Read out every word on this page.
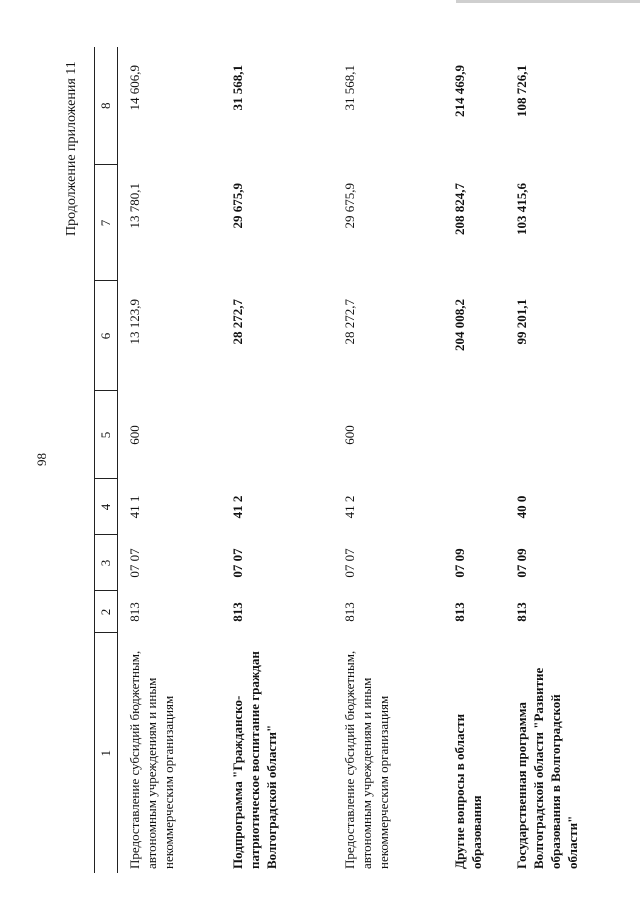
98
Продолжение приложения 11
1	2	3	4	5	6	7	8
Предоставление субсидий бюджетным, автономным учреждениям и иным некоммерческим организациям	813	07 07	41 1	600	13 123,9	13 780,1	14 606,9
Подпрограмма "Гражданско-патриотическое воспитание граждан Волгоградской области"	813	07 07	41 2		28 272,7	29 675,9	31 568,1
Предоставление субсидий бюджетным, автономным учреждениям и иным некоммерческим организациям	813	07 07	41 2	600	28 272,7	29 675,9	31 568,1
Другие вопросы в области образования	813	07 09			204 008,2	208 824,7	214 469,9
Государственная программа Волгоградской области "Развитие образования в Волгоградской области"	813	07 09	40 0		99 201,1	103 415,6	108 726,1
